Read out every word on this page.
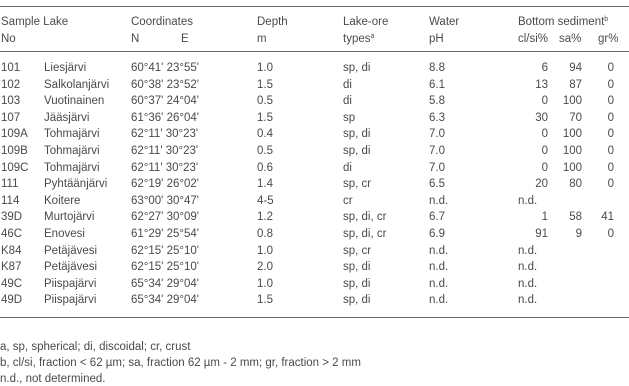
Sample Lake	Coordinates	Depth	Lake-ore	Water	Bottom sediment$^b$
No	N	E	m	types$^a$	pH	cl/si% sa% gr%
101 Liesjärvi	60°41' 23°55'	1.0	sp, di	8.8	6	94	0
102 Salkolanjärvi 60°38' 23°52'	1.5	di	6.1	13	87	0
103 Vuotinainen 60°37' 24°04'	0.5	di	5.8	0	100	0
107 Jääsjärvi	61°36' 26°04'	1.5	sp	6.3	30	70	0
109A Tohmajärvi	62°11' 30°23'	0.4	sp, di	7.0	0	100	0
109B Tohmajärvi	62°11' 30°23'	0.5	sp, di	7.0	0	100	0
109C Tohmajärvi	62°11' 30°23'	0.6	di	7.0	0	100	0
111 Pyhtäänjärvi 62°19' 26°02'	1.4	sp, cr	6.5	20	80	0
114 Koitere	63°00' 30°47'	4-5	cr	n.d.	n.d.
39D Murtojärvi	62°27' 30°09'	1.2	sp, di, cr	6.7	1	58	41
46C Enovesi	61°29' 25°54'	0.8	sp, di, cr	6.9	91	9	0
K84 Petäjävesi	62°15' 25°10'	1.0	sp, cr	n.d.	n.d.
K87 Petäjävesi	62°15' 25°10'	2.0	sp, di	n.d.	n.d.
49C Piispajärvi	65°34' 29°04'	1.0	sp, di	n.d.	n.d.
49D Piispajärvi	65°34' 29°04'	1.5	sp, di	n.d.	n.d.
a, sp, spherical; di, discoidal; cr, crust
b, cl/si, fraction < 62 µm; sa, fraction 62 µm - 2 mm; gr, fraction > 2 mm
n.d., not determined.
